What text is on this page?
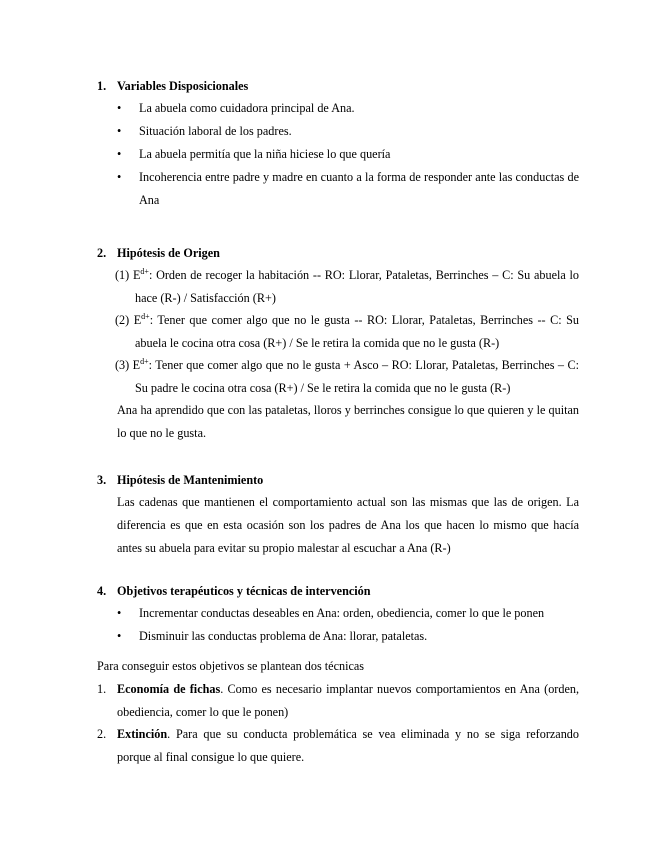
1. Variables Disposicionales
• La abuela como cuidadora principal de Ana.
• Situación laboral de los padres.
• La abuela permitía que la niña hiciese lo que quería
• Incoherencia entre padre y madre en cuanto a la forma de responder ante las conductas de Ana
2. Hipótesis de Origen
(1) $E^{d+}$: Orden de recoger la habitación -- RO: Llorar, Pataletas, Berrinches – C: Su abuela lo hace (R-) / Satisfacción (R+)
(2) $E^{d+}$: Tener que comer algo que no le gusta -- RO: Llorar, Pataletas, Berrinches -- C: Su abuela le cocina otra cosa (R+) / Se le retira la comida que no le gusta (R-)
(3) $E^{d+}$: Tener que comer algo que no le gusta + Asco – RO: Llorar, Pataletas, Berrinches – C: Su padre le cocina otra cosa (R+) / Se le retira la comida que no le gusta (R-)
Ana ha aprendido que con las pataletas, lloros y berrinches consigue lo que quieren y le quitan lo que no le gusta.
3. Hipótesis de Mantenimiento
Las cadenas que mantienen el comportamiento actual son las mismas que las de origen. La diferencia es que en esta ocasión son los padres de Ana los que hacen lo mismo que hacía antes su abuela para evitar su propio malestar al escuchar a Ana (R-)
4. Objetivos terapéuticos y técnicas de intervención
• Incrementar conductas deseables en Ana: orden, obediencia, comer lo que le ponen
• Disminuir las conductas problema de Ana: llorar, pataletas.
Para conseguir estos objetivos se plantean dos técnicas
1. Economía de fichas. Como es necesario implantar nuevos comportamientos en Ana (orden, obediencia, comer lo que le ponen)
2. Extinción. Para que su conducta problemática se vea eliminada y no se siga reforzando porque al final consigue lo que quiere.
